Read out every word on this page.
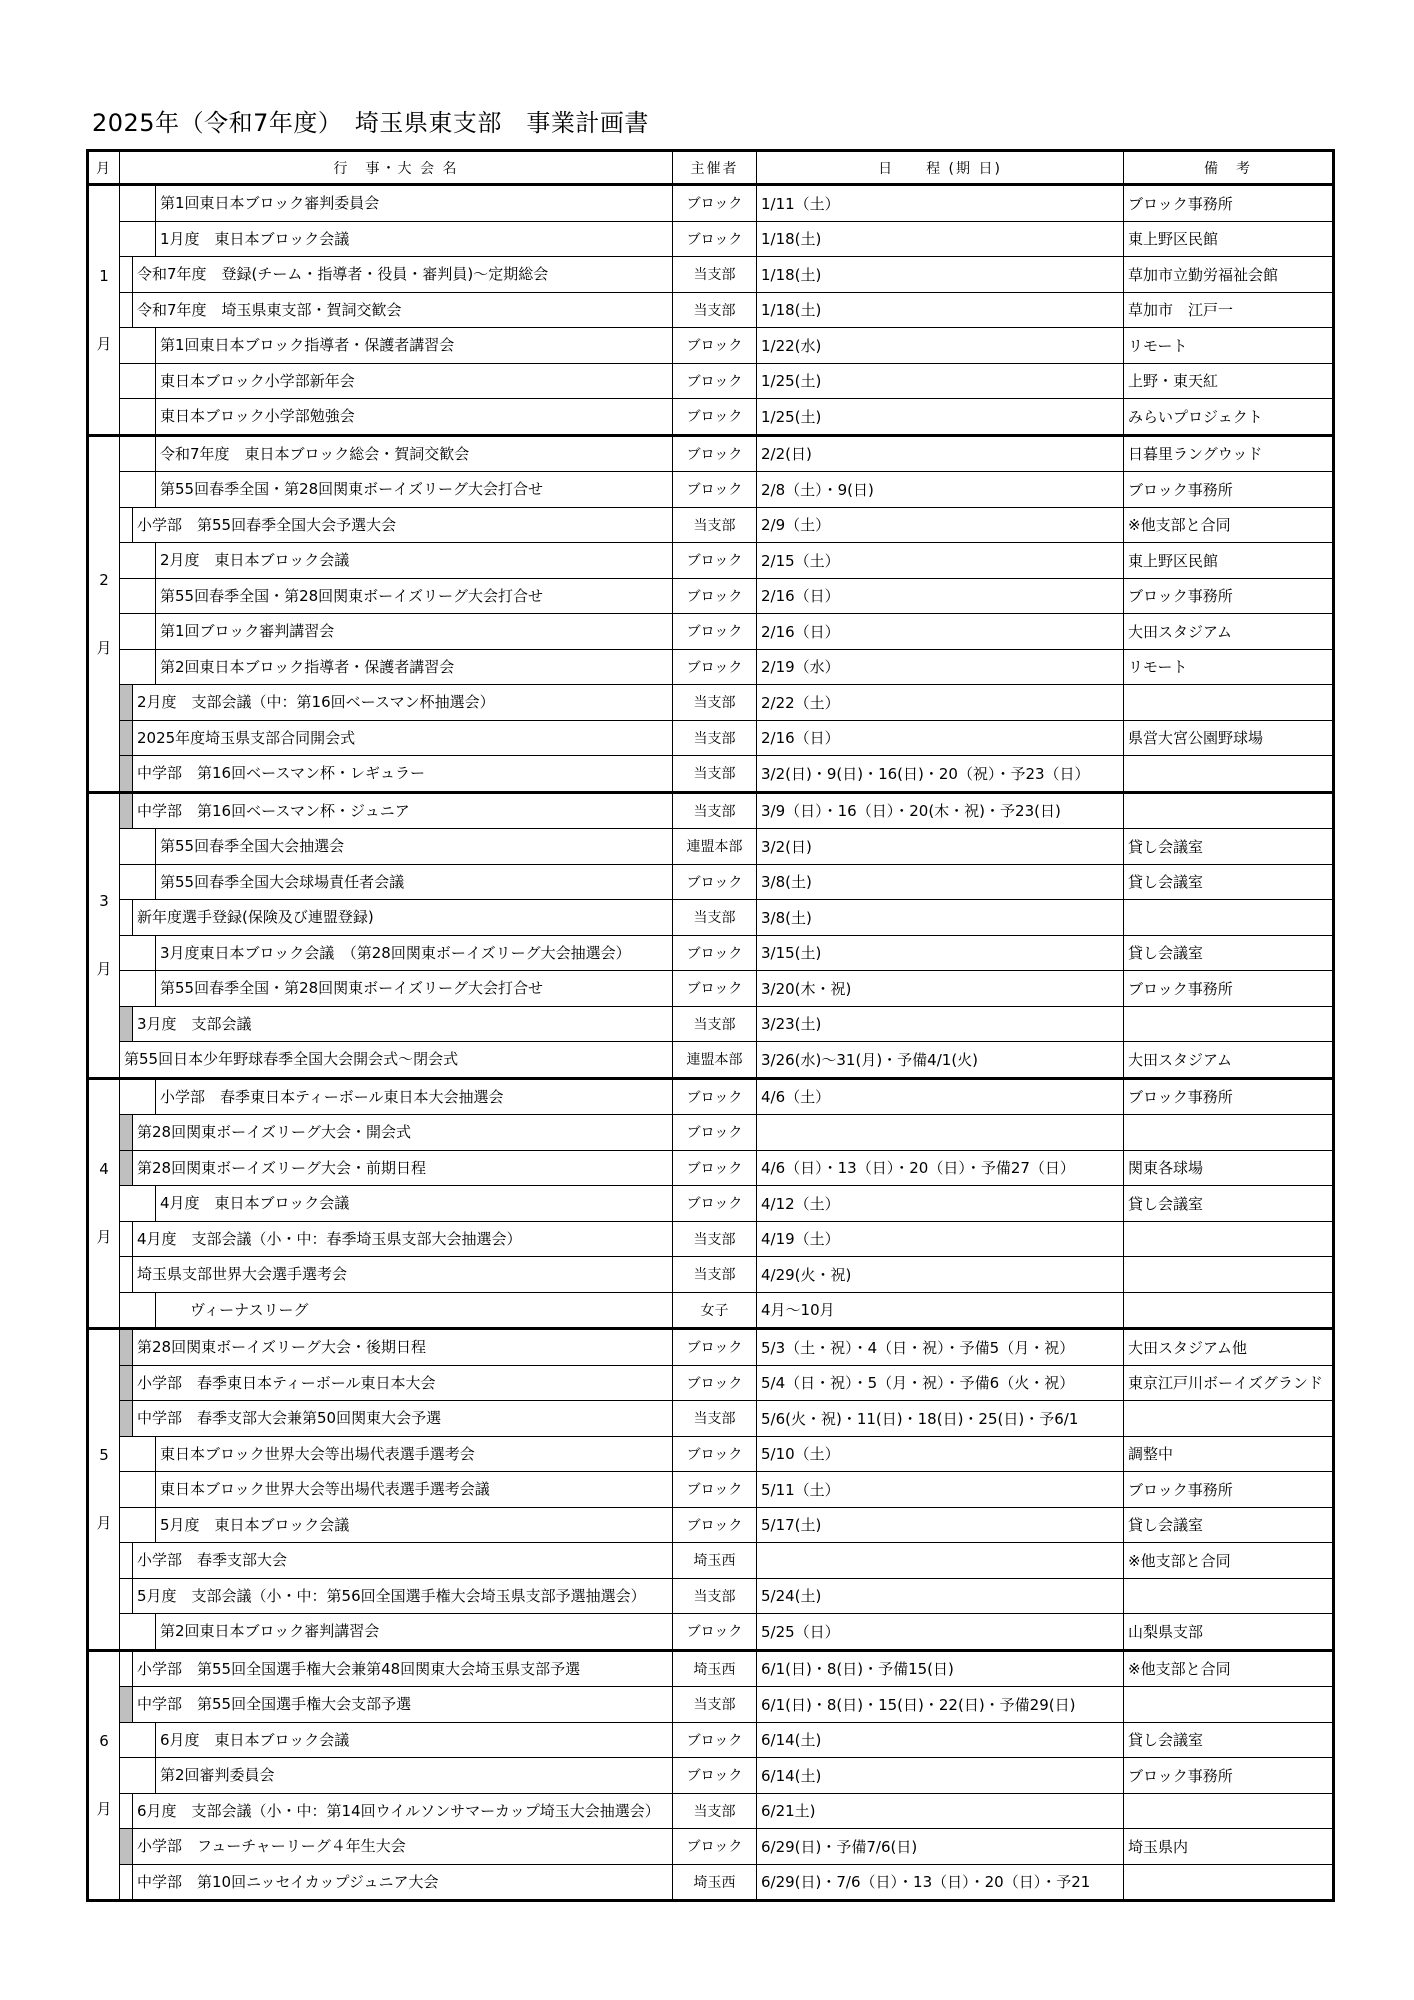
2025年（令和7年度）　埼玉県東支部　事業計画書
月	行　事・大 会 名	主催者	日　　程 (期 日)	備　考

1
月	第1回東日本ブロック審判委員会	ブロック	1/11（土）	ブロック事務所

	1月度　東日本ブロック会議	ブロック	1/18(土)	東上野区民館

	令和7年度　登録(チーム・指導者・役員・審判員)～定期総会	当支部	1/18(土)	草加市立勤労福祉会館

	令和7年度　埼玉県東支部・賀詞交歓会	当支部	1/18(土)	草加市　江戸一

	第1回東日本ブロック指導者・保護者講習会	ブロック	1/22(水)	リモート

	東日本ブロック小学部新年会	ブロック	1/25(土)	上野・東天紅

	東日本ブロック小学部勉強会	ブロック	1/25(土)	みらいプロジェクト

2
月	令和7年度　東日本ブロック総会・賀詞交歓会	ブロック	2/2(日)	日暮里ラングウッド

	第55回春季全国・第28回関東ボーイズリーグ大会打合せ	ブロック	2/8（土）・9(日)	ブロック事務所

	小学部　第55回春季全国大会予選大会	当支部	2/9（土）	※他支部と合同

	2月度　東日本ブロック会議	ブロック	2/15（土）	東上野区民館

	第55回春季全国・第28回関東ボーイズリーグ大会打合せ	ブロック	2/16（日）	ブロック事務所

	第1回ブロック審判講習会	ブロック	2/16（日）	大田スタジアム

	第2回東日本ブロック指導者・保護者講習会	ブロック	2/19（水）	リモート

	2月度　支部会議（中：第16回ベースマン杯抽選会）	当支部	2/22（土）	

	2025年度埼玉県支部合同開会式	当支部	2/16（日）	県営大宮公園野球場

	中学部　第16回ベースマン杯・レギュラー	当支部	3/2(日)・9(日)・16(日)・20（祝）・予23（日）	

3
月	中学部　第16回ベースマン杯・ジュニア	当支部	3/9（日）・16（日）・20(木・祝)・予23(日)	

	第55回春季全国大会抽選会	連盟本部	3/2(日)	貸し会議室

	第55回春季全国大会球場責任者会議	ブロック	3/8(土)	貸し会議室

	新年度選手登録(保険及び連盟登録)	当支部	3/8(土)	

	3月度東日本ブロック会議　（第28回関東ボーイズリーグ大会抽選会）	ブロック	3/15(土)	貸し会議室

	第55回春季全国・第28回関東ボーイズリーグ大会打合せ	ブロック	3/20(木・祝)	ブロック事務所

	3月度　支部会議	当支部	3/23(土)	

	第55回日本少年野球春季全国大会開会式～閉会式	連盟本部	3/26(水)～31(月)・予備4/1(火)	大田スタジアム

4
月	小学部　春季東日本ティーボール東日本大会抽選会	ブロック	4/6（土）	ブロック事務所

	第28回関東ボーイズリーグ大会・開会式	ブロック		

	第28回関東ボーイズリーグ大会・前期日程	ブロック	4/6（日）・13（日）・20（日）・予備27（日）	関東各球場

	4月度　東日本ブロック会議	ブロック	4/12（土）	貸し会議室

	4月度　支部会議（小・中：春季埼玉県支部大会抽選会）	当支部	4/19（土）	

	埼玉県支部世界大会選手選考会	当支部	4/29(火・祝)	

	ヴィーナスリーグ	女子	4月～10月	

5
月	第28回関東ボーイズリーグ大会・後期日程	ブロック	5/3（土・祝）・4（日・祝）・予備5（月・祝）	大田スタジアム他

	小学部　春季東日本ティーボール東日本大会	ブロック	5/4（日・祝）・5（月・祝）・予備6（火・祝）	東京江戸川ボーイズグランド

	中学部　春季支部大会兼第50回関東大会予選	当支部	5/6(火・祝)・11(日)・18(日)・25(日)・予6/1	

	東日本ブロック世界大会等出場代表選手選考会	ブロック	5/10（土）	調整中

	東日本ブロック世界大会等出場代表選手選考会議	ブロック	5/11（土）	ブロック事務所

	5月度　東日本ブロック会議	ブロック	5/17(土)	貸し会議室

	小学部　春季支部大会	埼玉西		※他支部と合同

	5月度　支部会議（小・中：第56回全国選手権大会埼玉県支部予選抽選会）	当支部	5/24(土)	

	第2回東日本ブロック審判講習会	ブロック	5/25（日）	山梨県支部

6
月	小学部　第55回全国選手権大会兼第48回関東大会埼玉県支部予選	埼玉西	6/1(日)・8(日)・予備15(日)	※他支部と合同

	中学部　第55回全国選手権大会支部予選	当支部	6/1(日)・8(日)・15(日)・22(日)・予備29(日)	

	6月度　東日本ブロック会議	ブロック	6/14(土)	貸し会議室

	第2回審判委員会	ブロック	6/14(土)	ブロック事務所

	6月度　支部会議（小・中：第14回ウイルソンサマーカップ埼玉大会抽選会）	当支部	6/21土)	

	小学部　フューチャーリーグ４年生大会	ブロック	6/29(日)・予備7/6(日)	埼玉県内

	中学部　第10回ニッセイカップジュニア大会	埼玉西	6/29(日)・7/6（日）・13（日）・20（日）・予21	
